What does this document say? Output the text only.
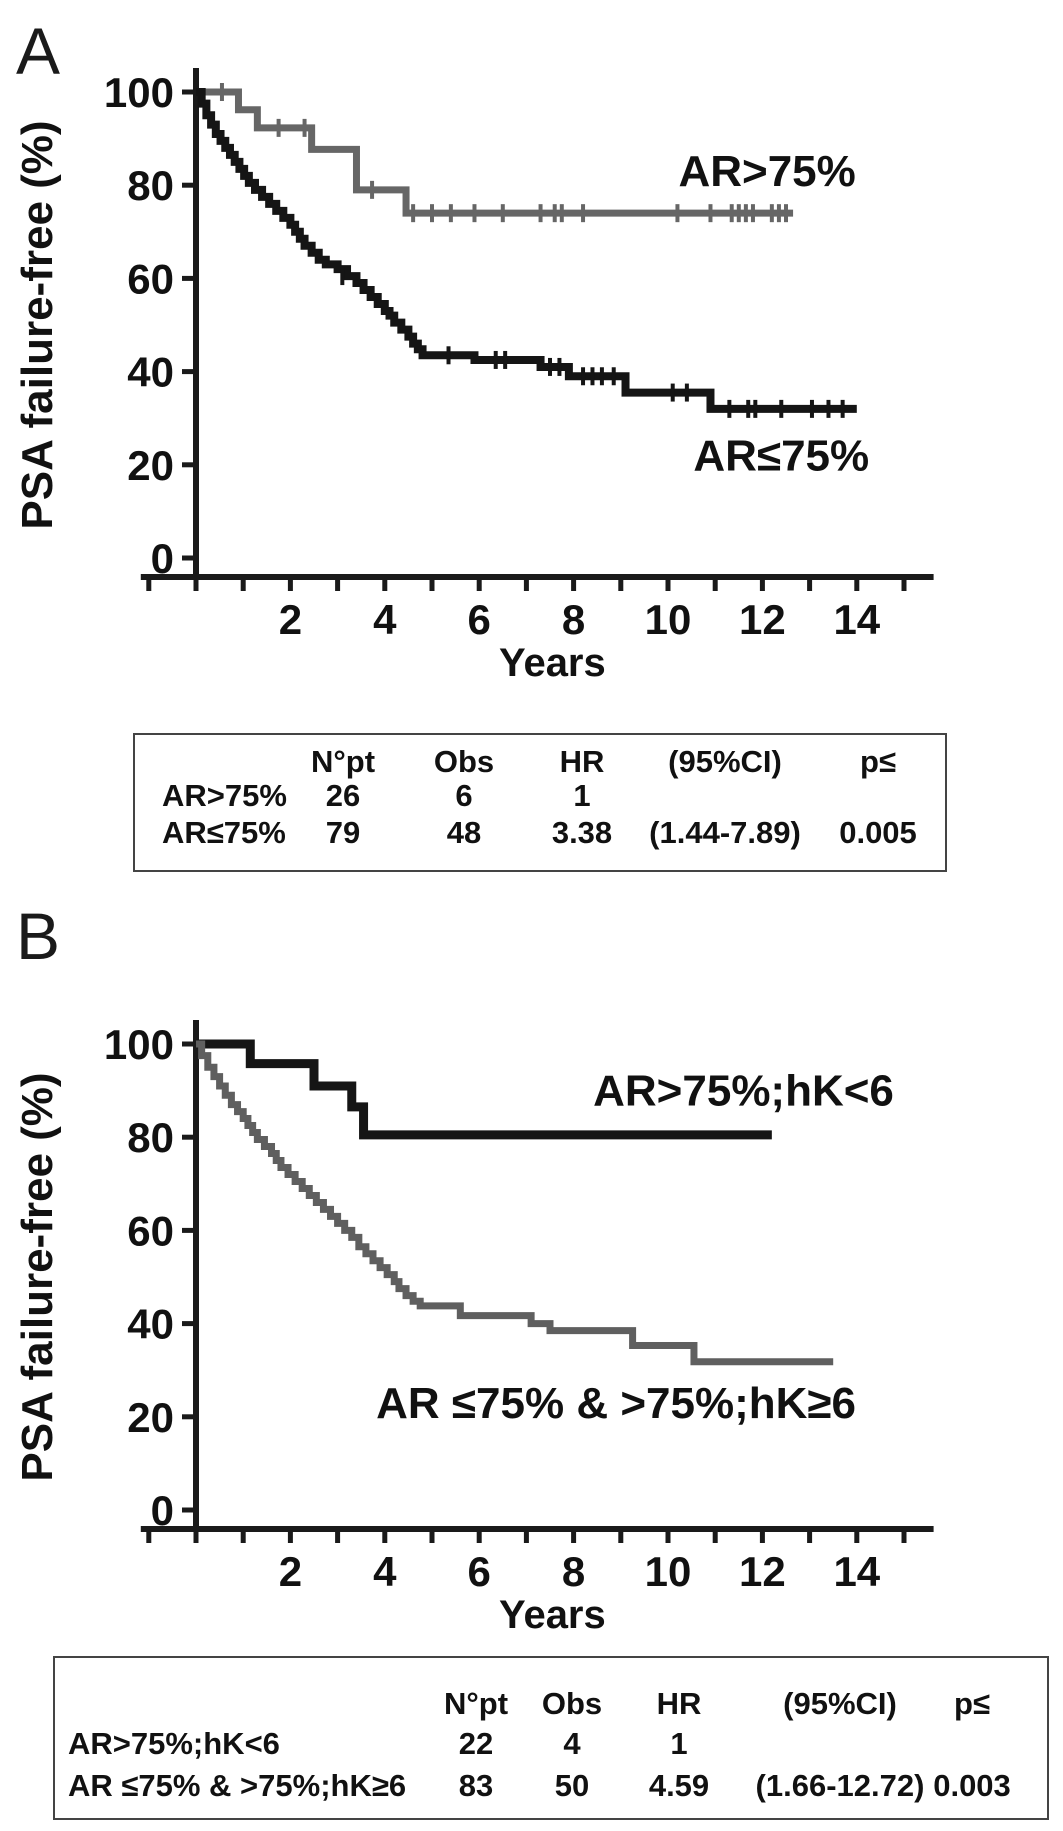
A
0
20
40
60
80
100
2 4 6 8 10 12 14
Years
PSA failure-free (%)	AR>75%
AR≤75%
N°pt Obs HR (95%CI)	p≤
AR>75% 26	6	1
AR≤75% 79	48 3.38 (1.44-7.89) 0.005
B
0
20
40
60
80
100
2 4 6 8 10 12 14
Years
PSA failure-free (%)	AR>75%;hK<6
AR ≤75% & >75%;hK≥6
N°pt Obs HR	(95%CI) p≤
AR>75%;hK<6	22 4	1
AR ≤75% & >75%;hK≥6 83 50 4.59 (1.66-12.72) 0.003
